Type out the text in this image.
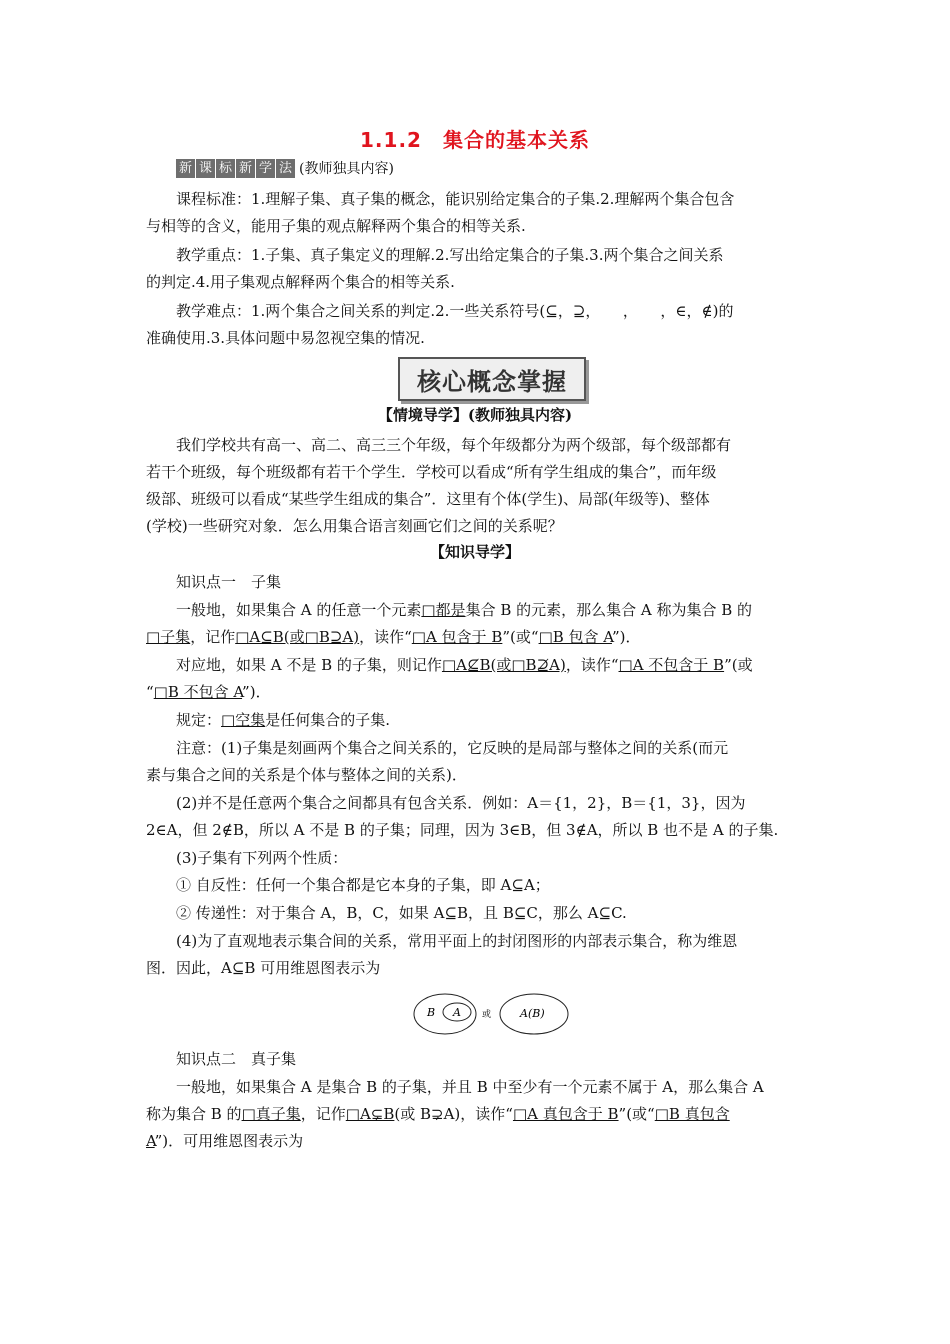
1.1.2　集合的基本关系
新 课 标 新 学 法 (教师独具内容)
课程标准：1.理解子集、真子集的概念，能识别给定集合的子集.2.理解两个集合包含
与相等的含义，能用子集的观点解释两个集合的相等关系.
教学重点：1.子集、真子集定义的理解.2.写出给定集合的子集.3.两个集合之间关系
的判定.4.用子集观点解释两个集合的相等关系.
教学难点：1.两个集合之间关系的判定.2.一些关系符号(⊆，⊇，　　，　　，∈，∉)的
准确使用.3.具体问题中易忽视空集的情况.
核心概念掌握
【情境导学】(教师独具内容)
我们学校共有高一、高二、高三三个年级，每个年级都分为两个级部，每个级部都有
若干个班级，每个班级都有若干个学生．学校可以看成“所有学生组成的集合”，而年级
级部、班级可以看成“某些学生组成的集合”．这里有个体(学生)、局部(年级等)、整体
(学校)一些研究对象．怎么用集合语言刻画它们之间的关系呢？
【知识导学】
知识点一　子集
一般地，如果集合 A 的任意一个元素□都是集合 B 的元素，那么集合 A 称为集合 B 的
□子集，记作□A⊆B(或□B⊇A)，读作“□A 包含于 B”(或“□B 包含 A”)．
对应地，如果 A 不是 B 的子集，则记作□A⊈B(或□B⊉A)，读作“□A 不包含于 B”(或
“□B 不包含 A”)．
规定：□空集是任何集合的子集.
注意：(1)子集是刻画两个集合之间关系的，它反映的是局部与整体之间的关系(而元
素与集合之间的关系是个体与整体之间的关系)．
(2)并不是任意两个集合之间都具有包含关系．例如：A＝{1，2}，B＝{1，3}，因为
2∈A，但 2∉B，所以 A 不是 B 的子集；同理，因为 3∈B，但 3∉A，所以 B 也不是 A 的子集.
(3)子集有下列两个性质：
① 自反性：任何一个集合都是它本身的子集，即 A⊆A；
② 传递性：对于集合 A，B，C，如果 A⊆B，且 B⊆C，那么 A⊆C.
(4)为了直观地表示集合间的关系，常用平面上的封闭图形的内部表示集合，称为维恩
图．因此，A⊆B 可用维恩图表示为
B A 或	A(B)
知识点二　真子集
一般地，如果集合 A 是集合 B 的子集，并且 B 中至少有一个元素不属于 A，那么集合 A
称为集合 B 的□真子集，记作□A⊊B(或 B⊋A)，读作“□A 真包含于 B”(或“□B 真包含
A”)．可用维恩图表示为
